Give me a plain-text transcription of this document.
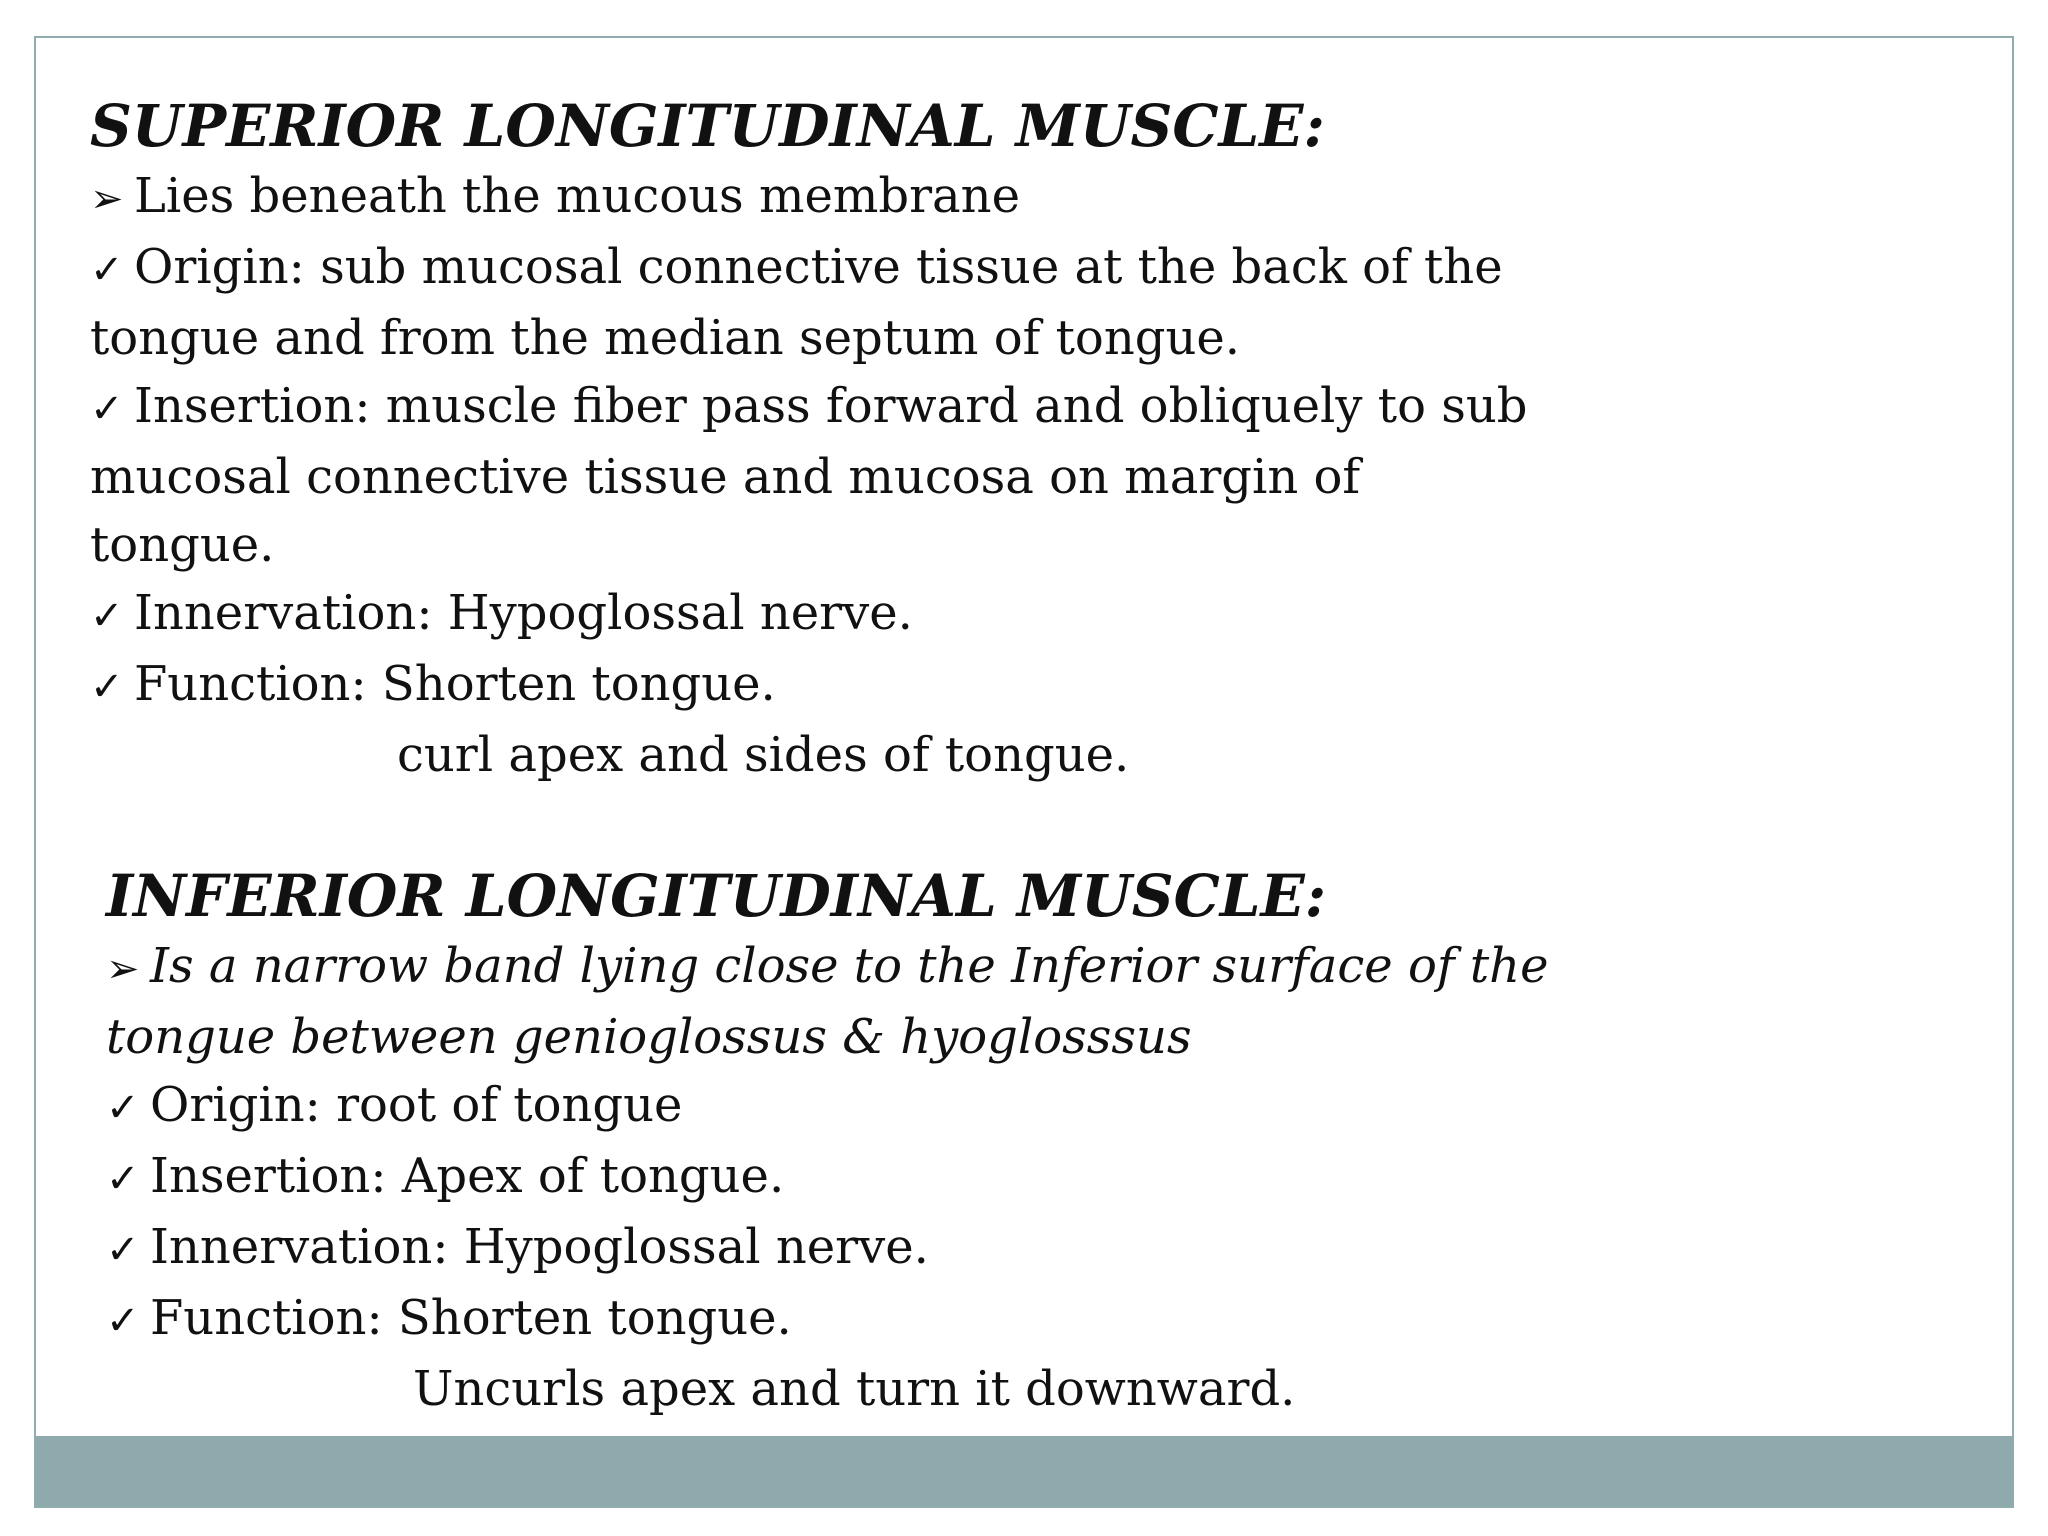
SUPERIOR LONGITUDINAL MUSCLE:

➢ Lies beneath the mucous membrane

✓ Origin: sub mucosal connective tissue at the back of the

tongue and from the median septum of tongue.

✓ Insertion: muscle fiber pass forward and obliquely to sub

mucosal connective tissue and mucosa on margin of

tongue.

✓ Innervation: Hypoglossal nerve.

✓ Function: Shorten tongue.

curl apex and sides of tongue.

INFERIOR LONGITUDINAL MUSCLE:

➢ Is a narrow band lying close to the Inferior surface of the

tongue between genioglossus & hyoglosssus

✓ Origin: root of tongue

✓ Insertion: Apex of tongue.

✓ Innervation: Hypoglossal nerve.

✓ Function: Shorten tongue.

Uncurls apex and turn it downward.
